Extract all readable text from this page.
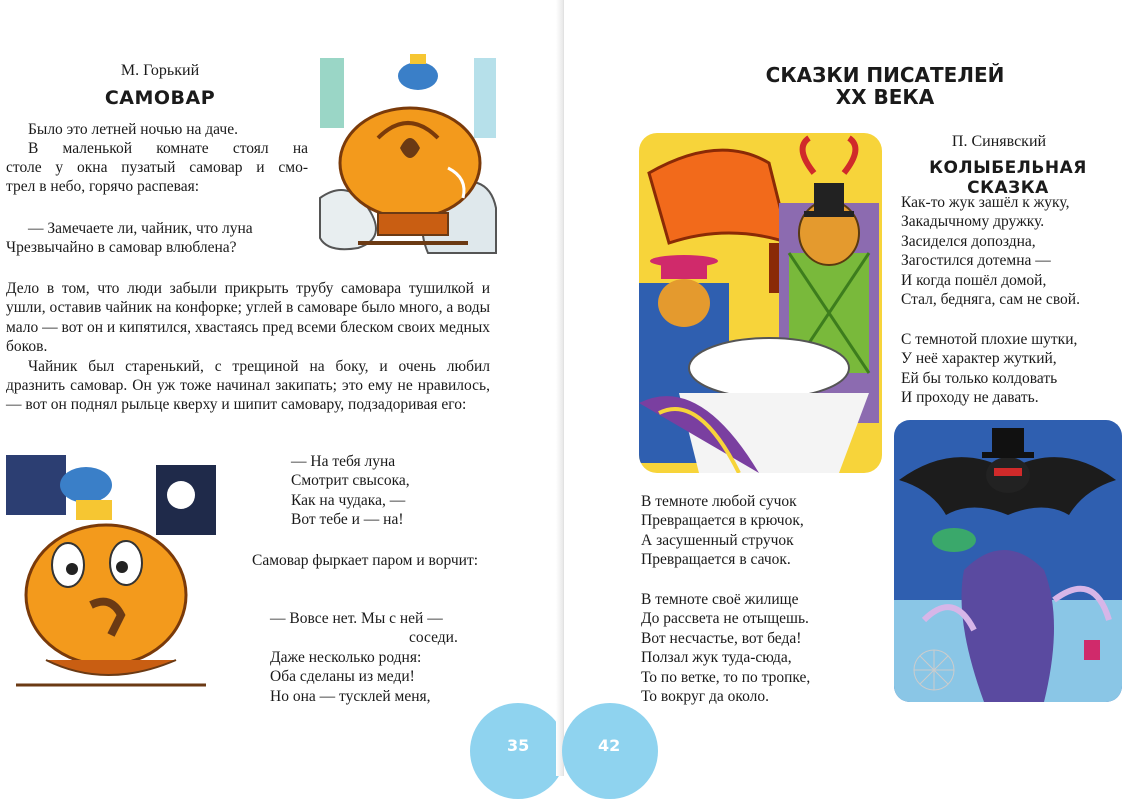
М. Горький
САМОВАР
Было это летней ночью на даче.
В маленькой комнате стоял на
столе у окна пузатый самовар и смо-
трел в небо, горячо распевая:
— Замечаете ли, чайник, что луна
Чрезвычайно в самовар влюблена?

Дело в том, что люди забыли прикрыть трубу самовара тушилкой и ушли, оставив чайник на конфорке; углей в самоваре было много, а воды мало — вот он и кипятился, хвастаясь пред всеми блеском своих медных боков.

Чайник был старенький, с трещиной на боку, и очень любил дразнить самовар. Он уж тоже начинал закипать; это ему не нравилось, — вот он поднял рыльце кверху и шипит самовару, подзадоривая его:

— На тебя луна
Смотрит свысока,
Как на чудака, —
Вот тебе и — на!

Самовар фыркает паром и ворчит:

— Вовсе нет. Мы с ней —
соседи.
Даже несколько родня:
Оба сделаны из меди!
Но она — тусклей меня,
35
СКАЗКИ ПИСАТЕЛЕЙ
XX ВЕКА
П. Синявский
КОЛЫБЕЛЬНАЯ СКАЗКА
Как-то жук зашёл к жуку,
Закадычному дружку.
Засиделся допоздна,
Загостился дотемна —
И когда пошёл домой,
Стал, бедняга, сам не свой.
С темнотой плохие шутки,
У неё характер жуткий,
Ей бы только колдовать
И проходу не давать.
В темноте любой сучок
Превращается в крючок,
А засушенный стручок
Превращается в сачок.
В темноте своё жилище
До рассвета не отыщешь.
Вот несчастье, вот беда!
Ползал жук туда-сюда,
То по ветке, то по тропке,
То вокруг да около.
42
